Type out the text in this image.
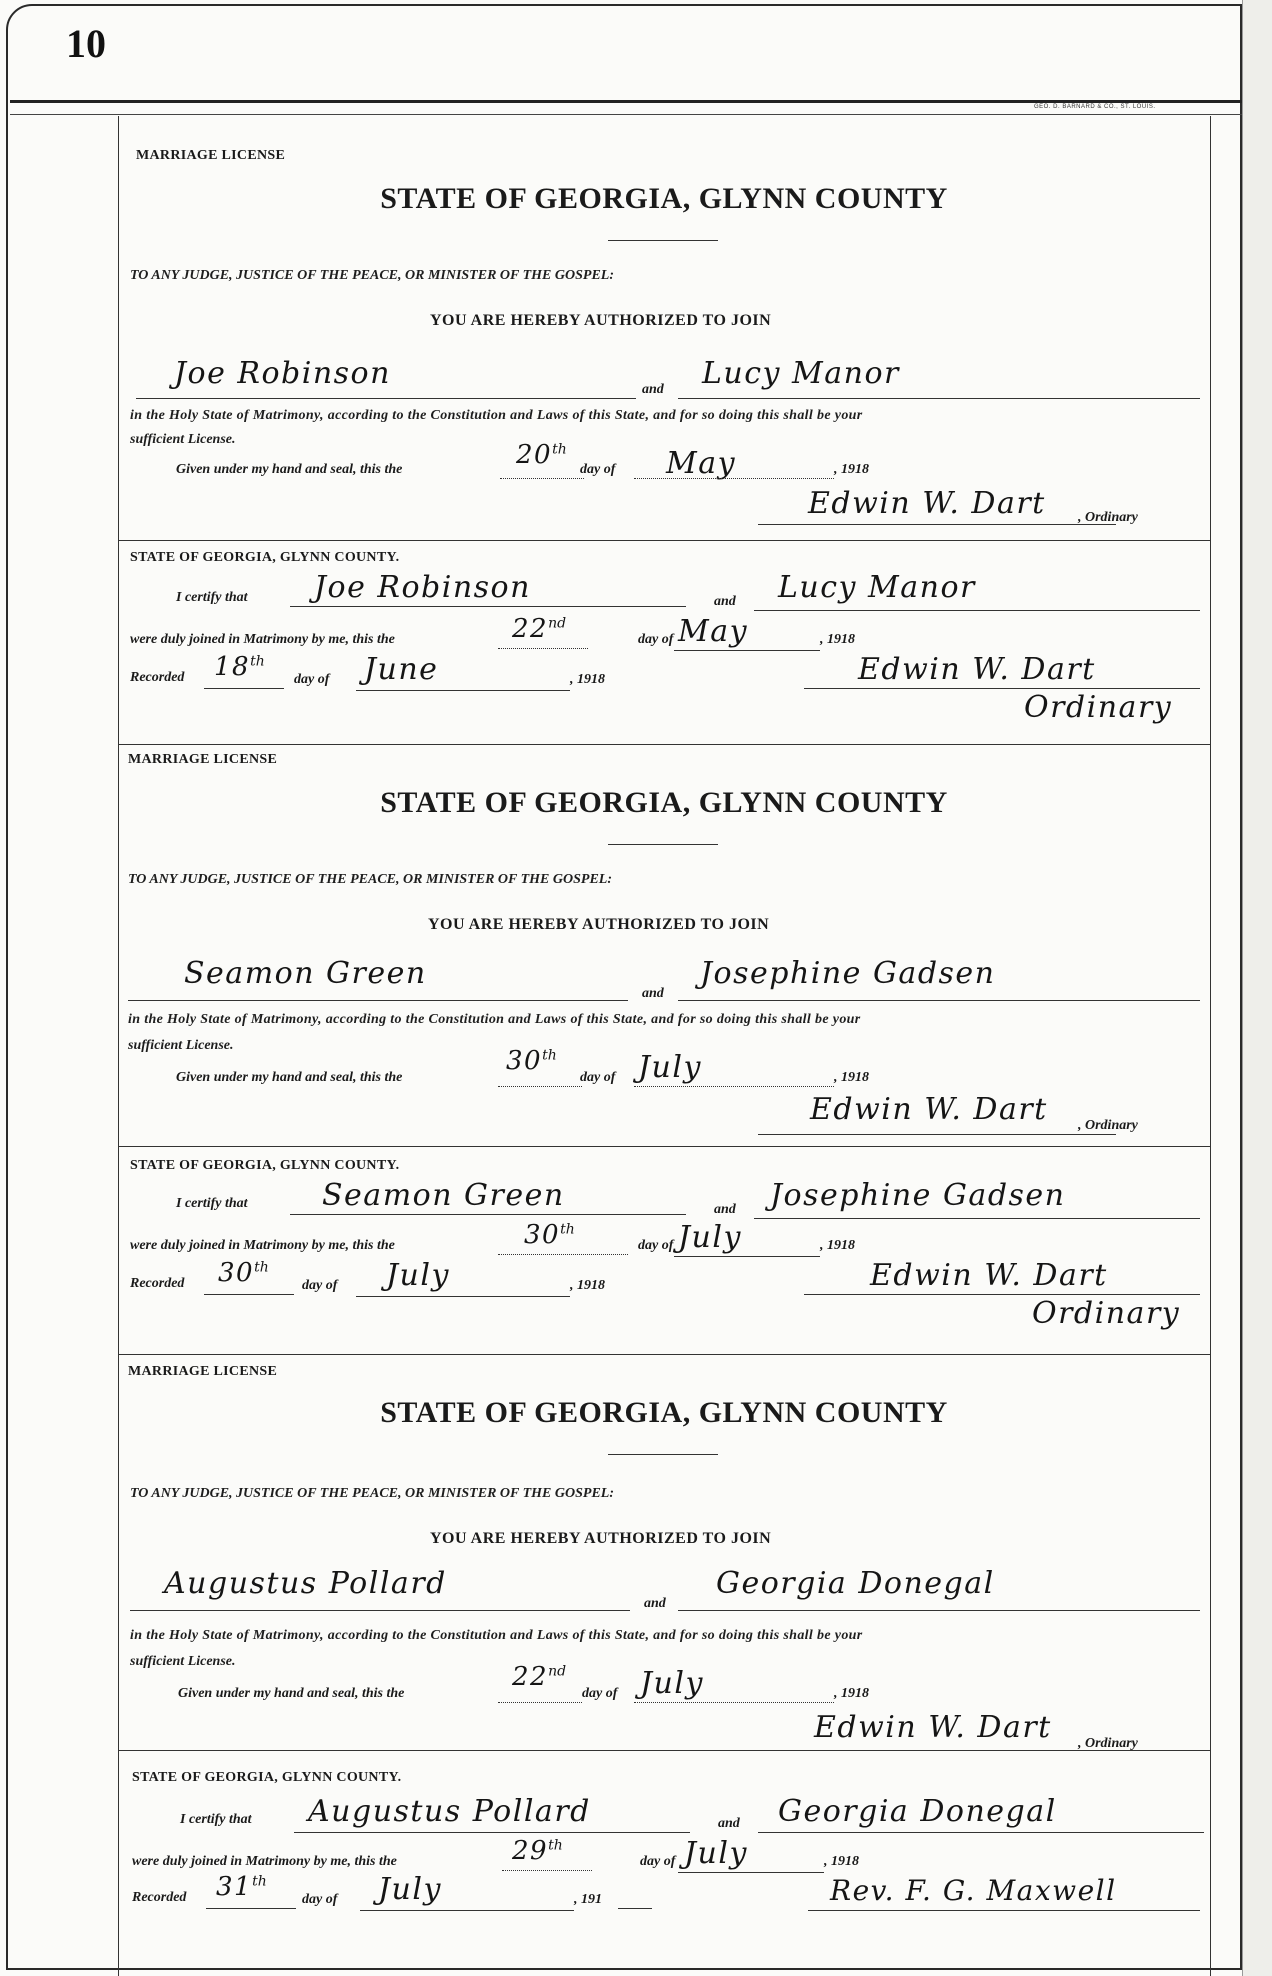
10
GEO. D. BARNARD & CO., ST. LOUIS.
MARRIAGE LICENSE
STATE OF GEORGIA, GLYNN COUNTY
TO ANY JUDGE, JUSTICE OF THE PEACE, OR MINISTER OF THE GOSPEL:
YOU ARE HEREBY AUTHORIZED TO JOIN
Joe Robinson	and Lucy Manor
in the Holy State of Matrimony, according to the Constitution and Laws of this State, and for so doing this shall be your
sufficient License.
Given under my hand and seal, this the	20th
day of May	, 1918
Edwin W. Dart , Ordinary
STATE OF GEORGIA, GLYNN COUNTY.
I certify that Joe Robinson	and Lucy Manor
were duly joined in Matrimony by me, this the	22nd
day of May	, 1918
Recorded 18th
day of June	, 1918	Edwin W. Dart
Ordinary
MARRIAGE LICENSE
STATE OF GEORGIA, GLYNN COUNTY
TO ANY JUDGE, JUSTICE OF THE PEACE, OR MINISTER OF THE GOSPEL:
YOU ARE HEREBY AUTHORIZED TO JOIN
Seamon Green
and
Josephine Gadsen
in the Holy State of Matrimony, according to the Constitution and Laws of this State, and for so doing this shall be your
sufficient License.
Given under my hand and seal, this the
30th
day of July	, 1918
Edwin W. Dart , Ordinary
STATE OF GEORGIA, GLYNN COUNTY.
I certify that Seamon Green	and Josephine Gadsen
were duly joined in Matrimony by me, this the	30th
day of July	, 1918
Recorded 30th
day of July	, 1918	Edwin W. Dart
Ordinary
MARRIAGE LICENSE
STATE OF GEORGIA, GLYNN COUNTY
TO ANY JUDGE, JUSTICE OF THE PEACE, OR MINISTER OF THE GOSPEL:
YOU ARE HEREBY AUTHORIZED TO JOIN
Augustus Pollard
and
Georgia Donegal
in the Holy State of Matrimony, according to the Constitution and Laws of this State, and for so doing this shall be your
sufficient License.
Given under my hand and seal, this the
22nd
day of July	, 1918
Edwin W. Dart , Ordinary
STATE OF GEORGIA, GLYNN COUNTY.
I certify that Augustus Pollard	and Georgia Donegal
were duly joined in Matrimony by me, this the	29th
day of July	, 1918
Recorded 31th
day of July	, 191	Rev. F. G. Maxwell
